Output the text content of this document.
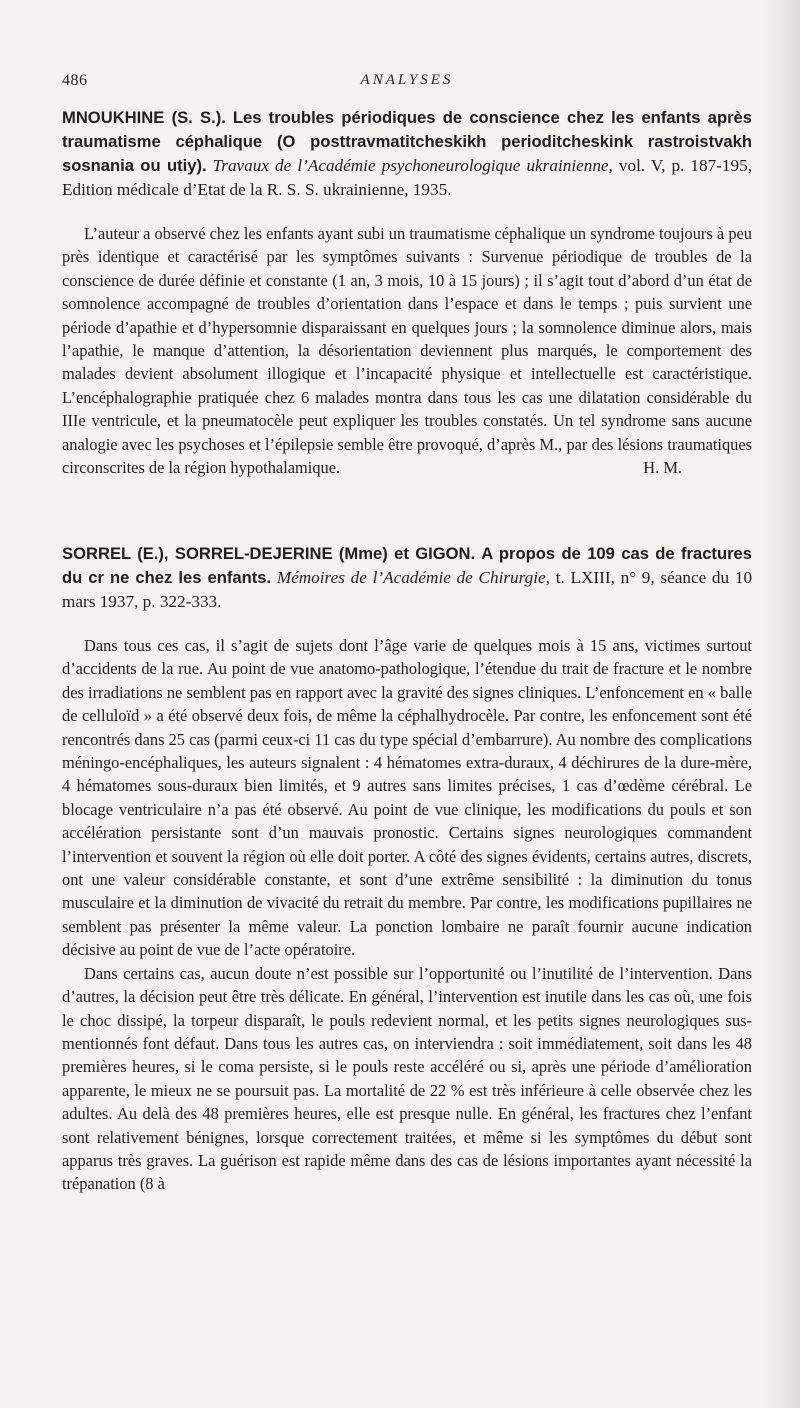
486	ANALYSES
MNOUKHINE (S. S.). Les troubles périodiques de conscience chez les enfants après traumatisme céphalique (O posttravmatitcheskikh perioditcheskink rastroistvakh sosnania ou utiy). Travaux de l’Académie psychoneurologique ukrainienne, vol. V, p. 187-195, Edition médicale d’Etat de la R. S. S. ukrainienne, 1935.

L’auteur a observé chez les enfants ayant subi un traumatisme céphalique un syndrome toujours à peu près identique et caractérisé par les symptômes suivants : Survenue périodique de troubles de la conscience de durée définie et constante (1 an, 3 mois, 10 à 15 jours) ; il s’agit tout d’abord d’un état de somnolence accompagné de troubles d’orientation dans l’espace et dans le temps ; puis survient une période d’apathie et d’hypersomnie disparaissant en quelques jours ; la somnolence diminue alors, mais l’apathie, le manque d’attention, la désorientation deviennent plus marqués, le comportement des malades devient absolument illogique et l’incapacité physique et intellectuelle est caractéristique. L’encéphalographie pratiquée chez 6 malades montra dans tous les cas une dilatation considérable du IIIe ventricule, et la pneumatocèle peut expliquer les troubles constatés. Un tel syndrome sans aucune analogie avec les psychoses et l’épilepsie semble être provoqué, d’après M., par des lésions traumatiques circonscrites de la région hypothalamique.	H. M.

SORREL (E.), SORREL-DEJERINE (Mme) et GIGON. A propos de 109 cas de fractures du cr ne chez les enfants. Mémoires de l’Académie de Chirurgie, t. LXIII, n° 9, séance du 10 mars 1937, p. 322-333.

Dans tous ces cas, il s’agit de sujets dont l’âge varie de quelques mois à 15 ans, victimes surtout d’accidents de la rue. Au point de vue anatomo-pathologique, l’étendue du trait de fracture et le nombre des irradiations ne semblent pas en rapport avec la gravité des signes cliniques. L’enfoncement en « balle de celluloïd » a été observé deux fois, de même la céphalhydrocèle. Par contre, les enfoncement sont été rencontrés dans 25 cas (parmi ceux-ci 11 cas du type spécial d’embarrure). Au nombre des complications méningo-encéphaliques, les auteurs signalent : 4 hématomes extra-duraux, 4 déchirures de la dure-mère, 4 hématomes sous-duraux bien limités, et 9 autres sans limites précises, 1 cas d’œdème cérébral. Le blocage ventriculaire n’a pas été observé. Au point de vue clinique, les modifications du pouls et son accélération persistante sont d’un mauvais pronostic. Certains signes neurologiques commandent l’intervention et souvent la région où elle doit porter. A côté des signes évidents, certains autres, discrets, ont une valeur considérable constante, et sont d’une extrême sensibilité : la diminution du tonus musculaire et la diminution de vivacité du retrait du membre. Par contre, les modifications pupillaires ne semblent pas présenter la même valeur. La ponction lombaire ne paraît fournir aucune indication décisive au point de vue de l’acte opératoire.

Dans certains cas, aucun doute n’est possible sur l’opportunité ou l’inutilité de l’intervention. Dans d’autres, la décision peut être très délicate. En général, l’intervention est inutile dans les cas où, une fois le choc dissipé, la torpeur disparaît, le pouls redevient normal, et les petits signes neurologiques sus-mentionnés font défaut. Dans tous les autres cas, on interviendra : soit immédiatement, soit dans les 48 premières heures, si le coma persiste, si le pouls reste accéléré ou si, après une période d’amélioration apparente, le mieux ne se poursuit pas. La mortalité de 22 % est très inférieure à celle observée chez les adultes. Au delà des 48 premières heures, elle est presque nulle. En général, les fractures chez l’enfant sont relativement bénignes, lorsque correctement traitées, et même si les symptômes du début sont apparus très graves. La guérison est rapide même dans des cas de lésions importantes ayant nécessité la trépanation (8 à
